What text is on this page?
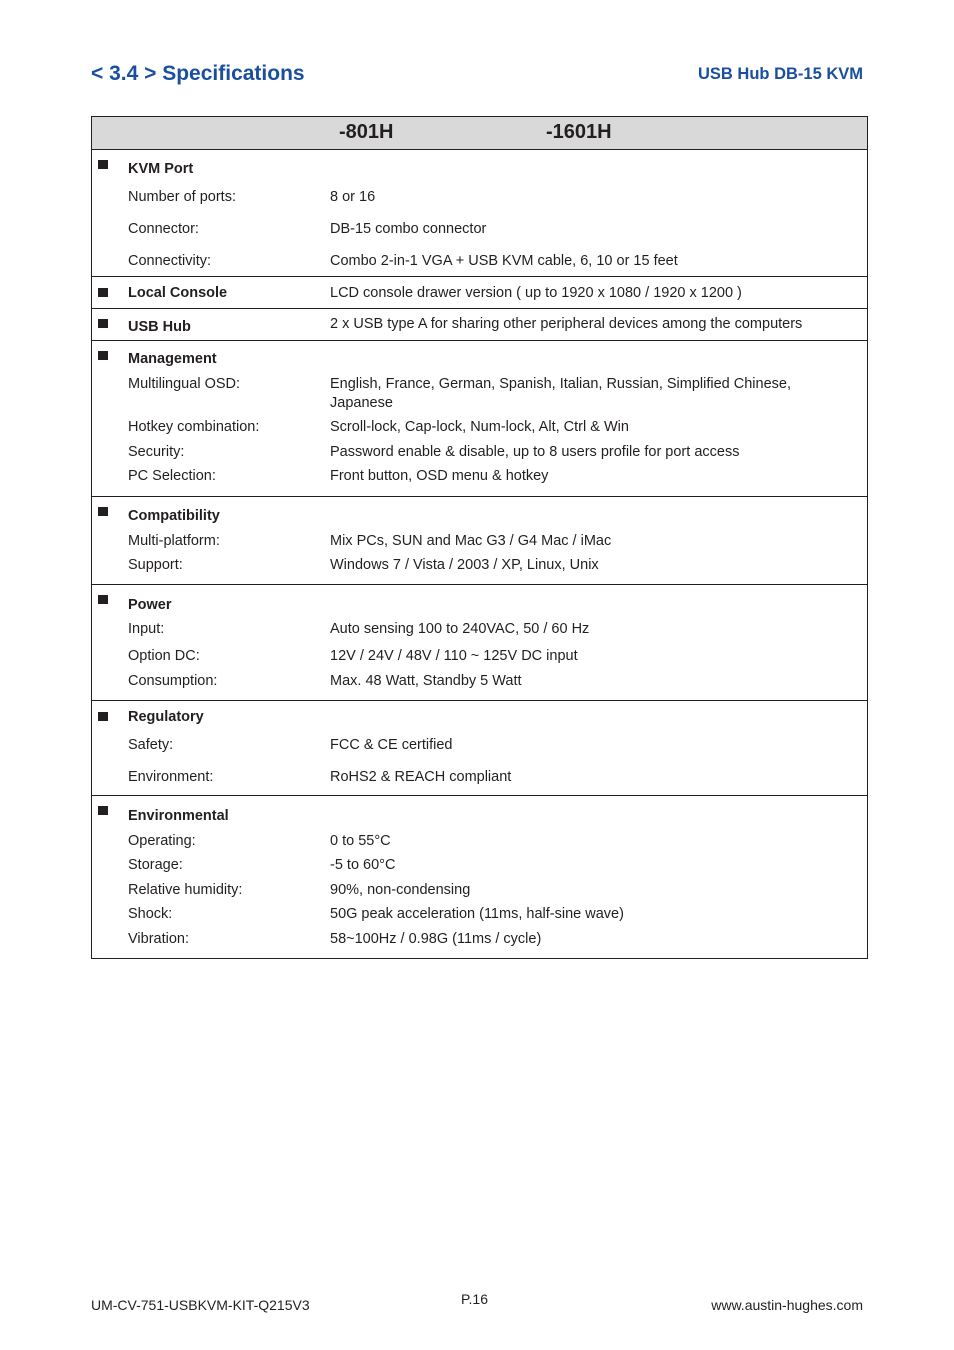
< 3.4 > Specifications	USB Hub DB-15 KVM
-801H	-1601H
KVM Port
Number of ports:	8 or 16
Connector:	DB-15 combo connector
Connectivity:	Combo 2-in-1 VGA + USB KVM cable, 6, 10 or 15 feet
Local Console	LCD console drawer version ( up to 1920 x 1080 / 1920 x 1200 )
USB Hub	2 x USB type A for sharing other peripheral devices among the computers
Management
Multilingual OSD:	English, France, German, Spanish, Italian, Russian, Simplified Chinese, Japanese
Hotkey combination:	Scroll-lock, Cap-lock, Num-lock, Alt, Ctrl & Win
Security:	Password enable & disable, up to 8 users profile for port access
PC Selection:	Front button, OSD menu & hotkey
Compatibility
Multi-platform:	Mix PCs, SUN and Mac G3 / G4 Mac / iMac
Support:	Windows 7 / Vista / 2003 / XP, Linux, Unix
Power
Input:	Auto sensing 100 to 240VAC, 50 / 60 Hz
Option DC:	12V / 24V / 48V / 110 ~ 125V DC input
Consumption:	Max. 48 Watt, Standby 5 Watt
Regulatory
Safety:	FCC & CE certified
Environment:	RoHS2 & REACH compliant
Environmental
Operating:	0 to 55°C
Storage:	-5 to 60°C
Relative humidity:	90%, non-condensing
Shock:	50G peak acceleration (11ms, half-sine wave)
Vibration:	58~100Hz / 0.98G (11ms / cycle)
UM-CV-751-USBKVM-KIT-Q215V3	P.16	www.austin-hughes.com
